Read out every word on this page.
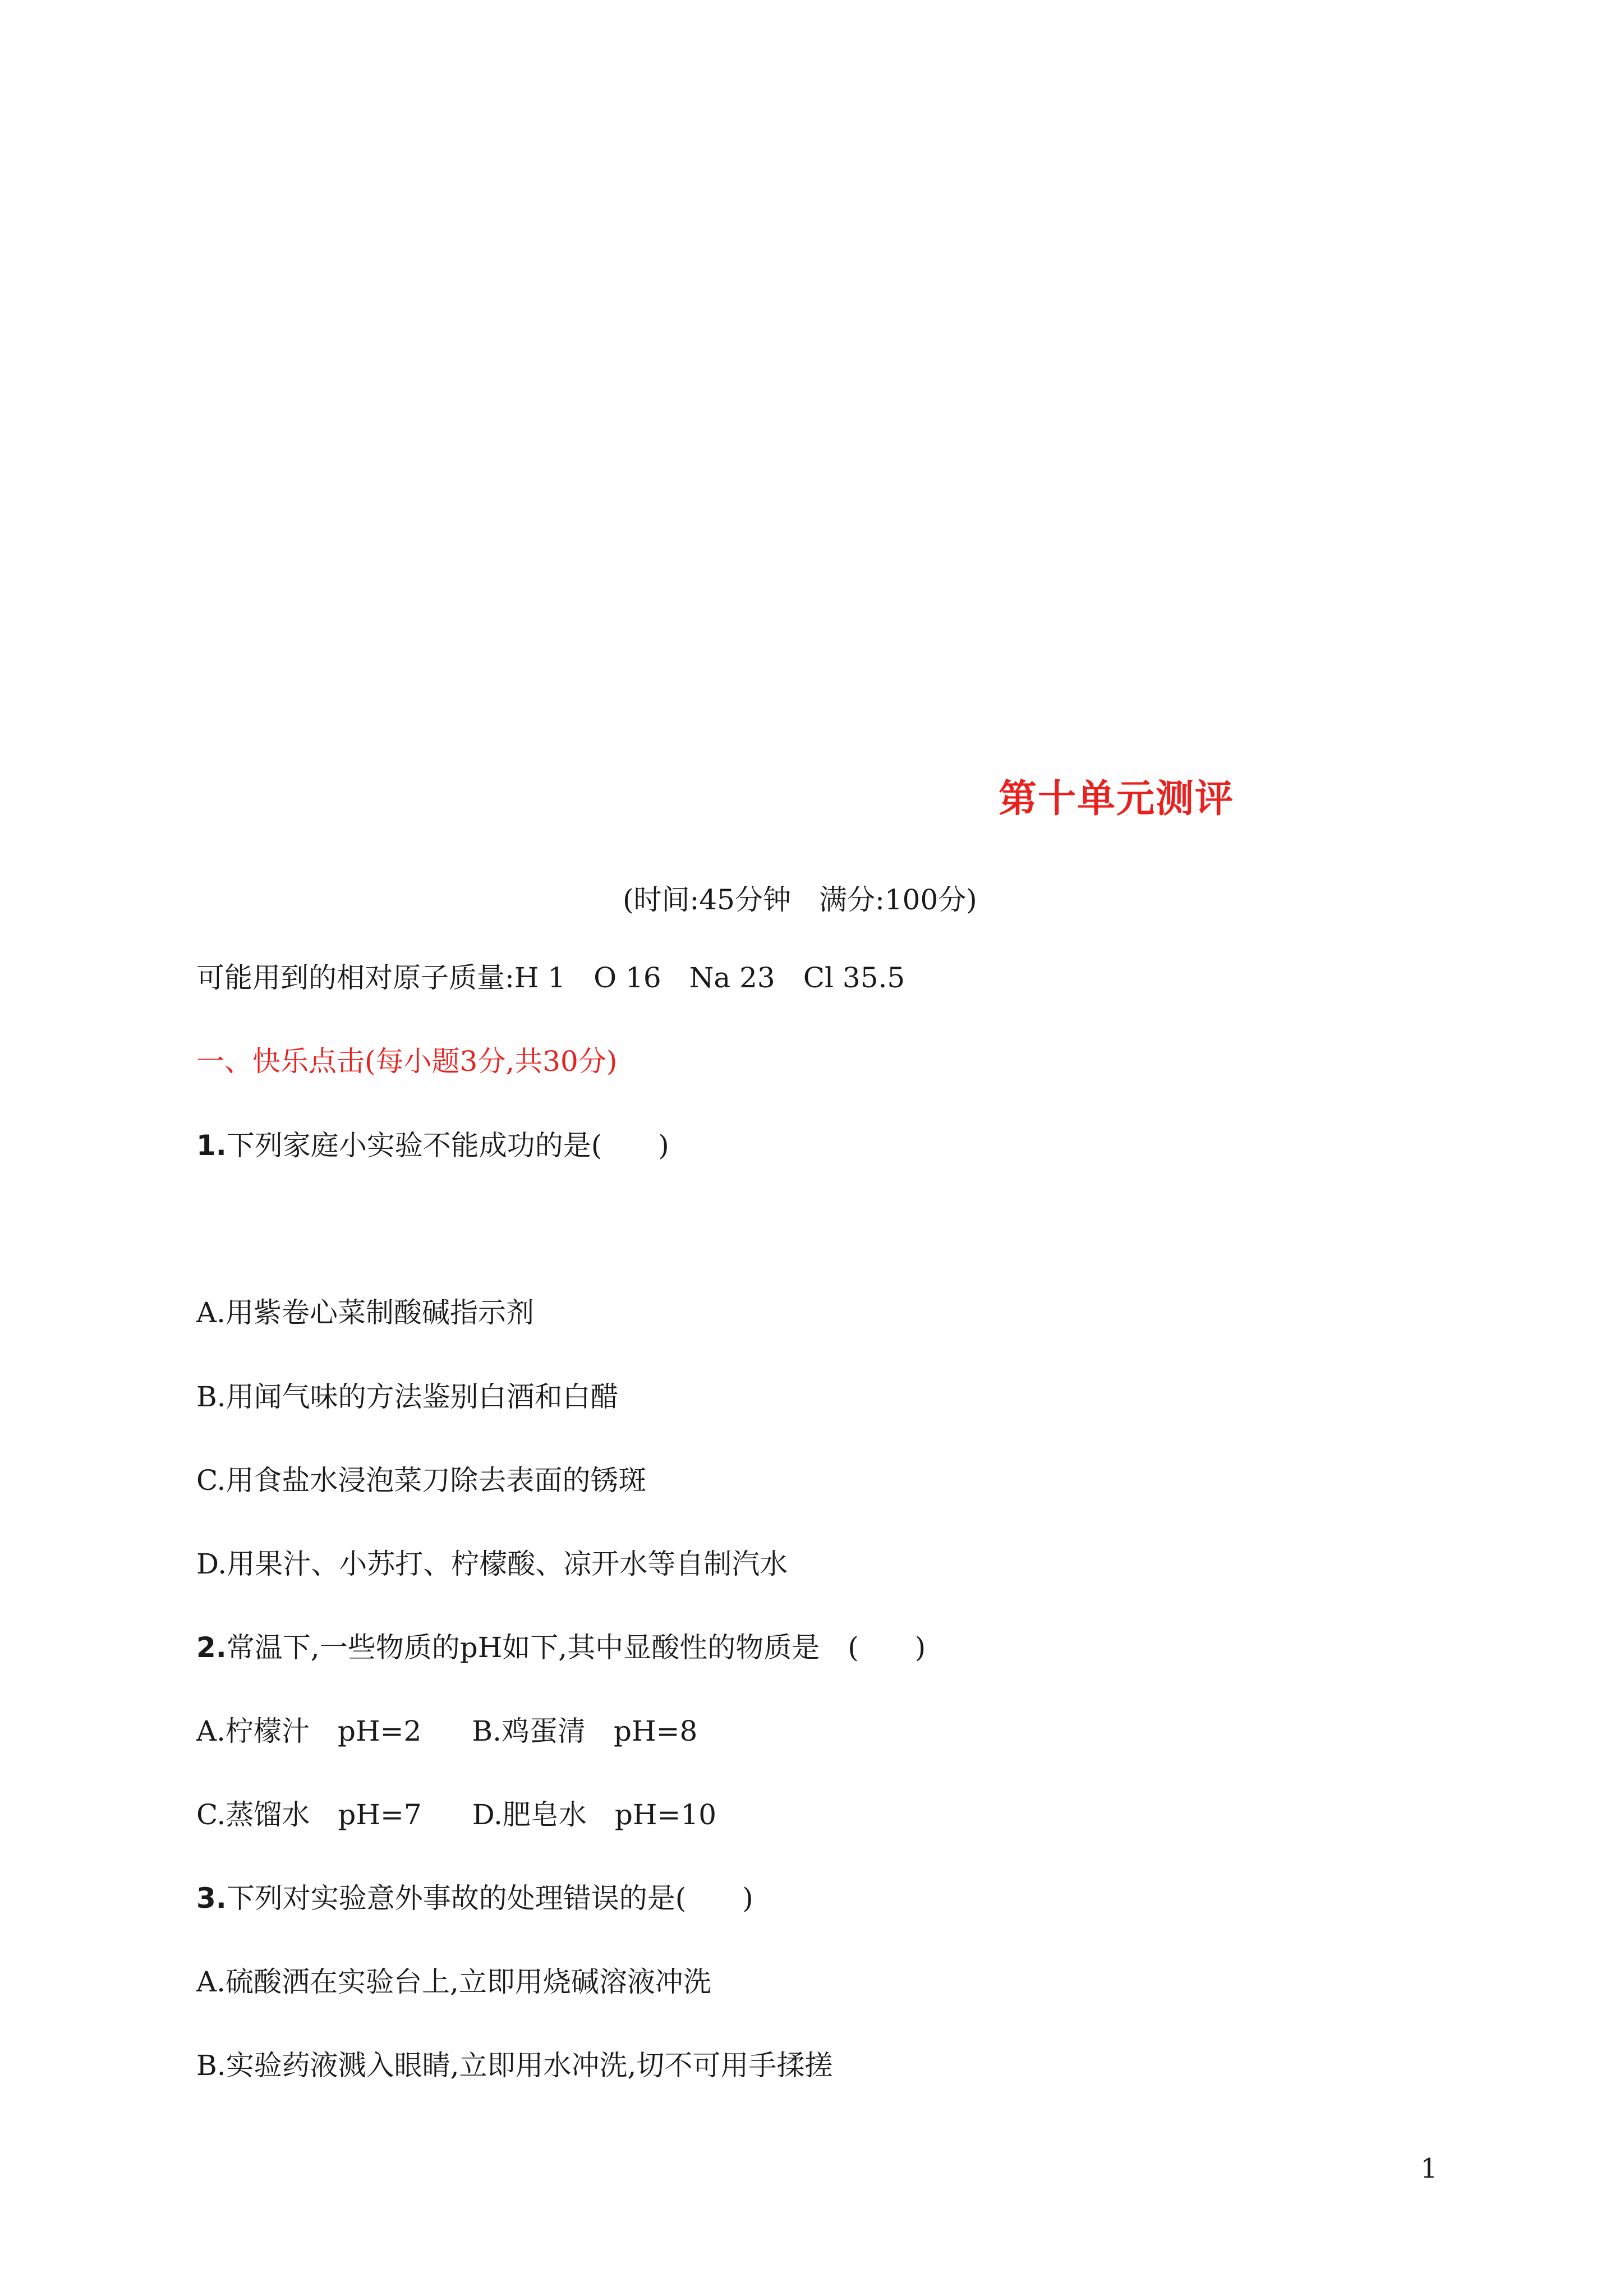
第十单元测评
(时间:45分钟　满分:100分)
可能用到的相对原子质量:H 1　O 16　Na 23　Cl 35.5
一、快乐点击(每小题3分,共30分)
1.下列家庭小实验不能成功的是(　　)
A.用紫卷心菜制酸碱指示剂
B.用闻气味的方法鉴别白酒和白醋
C.用食盐水浸泡菜刀除去表面的锈斑
D.用果汁、小苏打、柠檬酸、凉开水等自制汽水
2.常温下,一些物质的pH如下,其中显酸性的物质是　(　　)
A.柠檬汁　pH=2 B.鸡蛋清　pH=8
C.蒸馏水　pH=7 D.肥皂水　pH=10
3.下列对实验意外事故的处理错误的是(　　)
A.硫酸洒在实验台上,立即用烧碱溶液冲洗
B.实验药液溅入眼睛,立即用水冲洗,切不可用手揉搓
1
